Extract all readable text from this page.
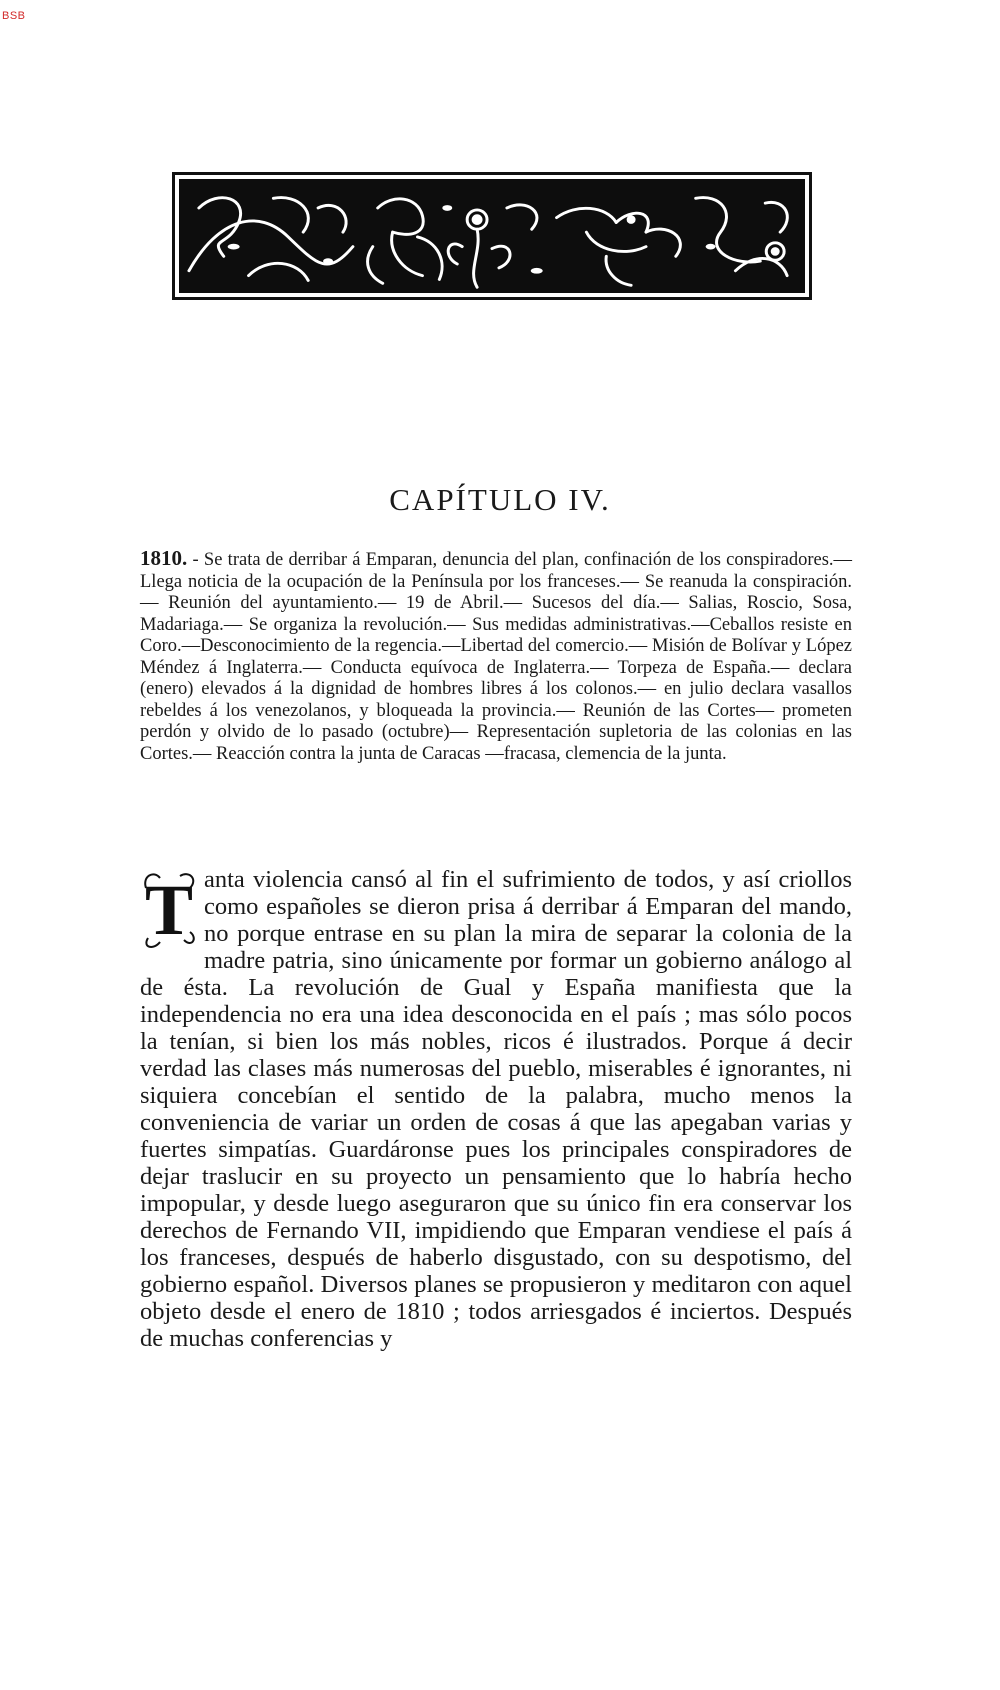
BSB
CAPÍTULO IV.

1810. - Se trata de derribar á Emparan, denuncia del plan, confinación de los conspiradores.— Llega noticia de la ocupación de la Península por los franceses.— Se reanuda la conspiración.— Reunión del ayuntamiento.— 19 de Abril.— Sucesos del día.— Salias, Roscio, Sosa, Madariaga.— Se organiza la revolución.— Sus medidas administrativas.—Ceballos resiste en Coro.—Desconocimiento de la regencia.—Libertad del comercio.— Misión de Bolívar y López Méndez á Inglaterra.— Conducta equívoca de Inglaterra.— Torpeza de España.— declara (enero) elevados á la dignidad de hombres libres á los colonos.— en julio declara vasallos rebeldes á los venezolanos, y bloqueada la provincia.— Reunión de las Cortes— prometen perdón y olvido de lo pasado (octubre)— Representación supletoria de las colonias en las Cortes.— Reacción contra la junta de Caracas —fracasa, clemencia de la junta.

T anta violencia cansó al fin el sufrimiento de todos, y así criollos como españoles se dieron prisa á derribar á Emparan del mando, no porque entrase en su plan la mira de separar la colonia de la madre patria, sino únicamente por formar un gobierno análogo al de ésta. La revolución de Gual y España manifiesta que la independencia no era una idea desconocida en el país ; mas sólo pocos la tenían, si bien los más nobles, ricos é ilustrados. Porque á decir verdad las clases más numerosas del pueblo, miserables é ignorantes, ni siquiera concebían el sentido de la palabra, mucho menos la conveniencia de variar un orden de cosas á que las apegaban varias y fuertes simpatías. Guardáronse pues los principales conspiradores de dejar traslucir en su proyecto un pensamiento que lo habría hecho impopular, y desde luego aseguraron que su único fin era conservar los derechos de Fernando VII, impidiendo que Emparan vendiese el país á los franceses, después de haberlo disgustado, con su despotismo, del gobierno español. Diversos planes se propusieron y meditaron con aquel objeto desde el enero de 1810 ; todos arriesgados é inciertos. Después de muchas conferencias y
